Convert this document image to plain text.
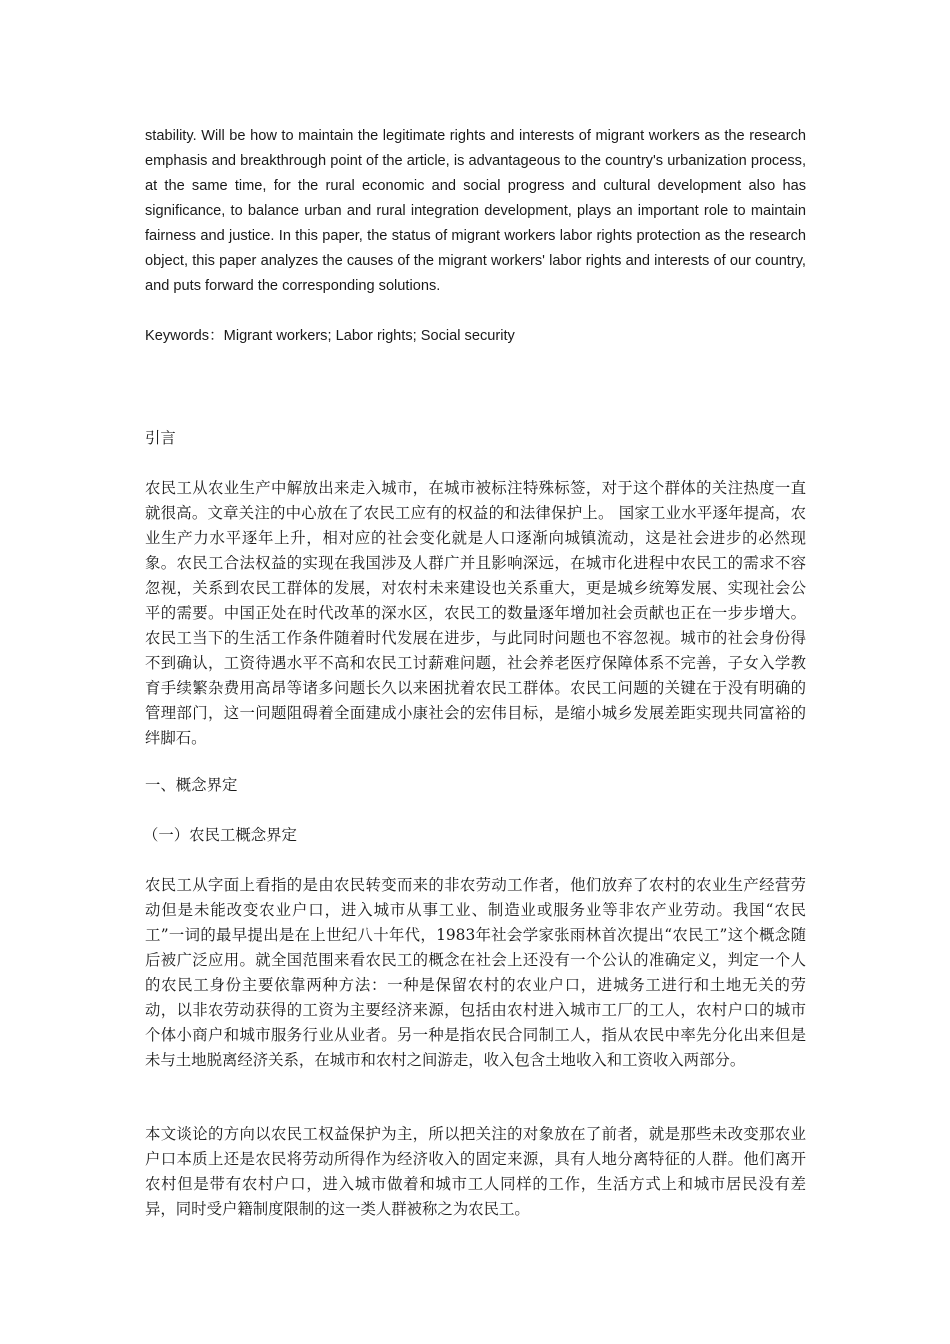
stability. Will be how to maintain the legitimate rights and interests of migrant workers as the research emphasis and breakthrough point of the article, is advantageous to the country's urbanization process, at the same time, for the rural economic and social progress and cultural development also has significance, to balance urban and rural integration development, plays an important role to maintain fairness and justice. In this paper, the status of migrant workers labor rights protection as the research object, this paper analyzes the causes of the migrant workers' labor rights and interests of our country, and puts forward the corresponding solutions.

Keywords：Migrant workers; Labor rights; Social security

引言

农民工从农业生产中解放出来走入城市，在城市被标注特殊标签，对于这个群体的关注热度一直就很高。文章关注的中心放在了农民工应有的权益的和法律保护上。 国家工业水平逐年提高，农业生产力水平逐年上升，相对应的社会变化就是人口逐渐向城镇流动，这是社会进步的必然现象。农民工合法权益的实现在我国涉及人群广并且影响深远，在城市化进程中农民工的需求不容忽视，关系到农民工群体的发展，对农村未来建设也关系重大，更是城乡统筹发展、实现社会公平的需要。中国正处在时代改革的深水区，农民工的数量逐年增加社会贡献也正在一步步增大。农民工当下的生活工作条件随着时代发展在进步，与此同时问题也不容忽视。城市的社会身份得不到确认，工资待遇水平不高和农民工讨薪难问题，社会养老医疗保障体系不完善，子女入学教育手续繁杂费用高昂等诸多问题长久以来困扰着农民工群体。农民工问题的关键在于没有明确的管理部门，这一问题阻碍着全面建成小康社会的宏伟目标，是缩小城乡发展差距实现共同富裕的绊脚石。

一、概念界定

（一）农民工概念界定

农民工从字面上看指的是由农民转变而来的非农劳动工作者，他们放弃了农村的农业生产经营劳动但是未能改变农业户口，进入城市从事工业、制造业或服务业等非农产业劳动。我国“农民工”一词的最早提出是在上世纪八十年代，1983年社会学家张雨林首次提出“农民工”这个概念随后被广泛应用。就全国范围来看农民工的概念在社会上还没有一个公认的准确定义，判定一个人的农民工身份主要依靠两种方法：一种是保留农村的农业户口，进城务工进行和土地无关的劳动，以非农劳动获得的工资为主要经济来源，包括由农村进入城市工厂的工人，农村户口的城市个体小商户和城市服务行业从业者。另一种是指农民合同制工人，指从农民中率先分化出来但是未与土地脱离经济关系，在城市和农村之间游走，收入包含土地收入和工资收入两部分。

本文谈论的方向以农民工权益保护为主，所以把关注的对象放在了前者，就是那些未改变那农业户口本质上还是农民将劳动所得作为经济收入的固定来源，具有人地分离特征的人群。他们离开农村但是带有农村户口，进入城市做着和城市工人同样的工作，生活方式上和城市居民没有差异，同时受户籍制度限制的这一类人群被称之为农民工。
